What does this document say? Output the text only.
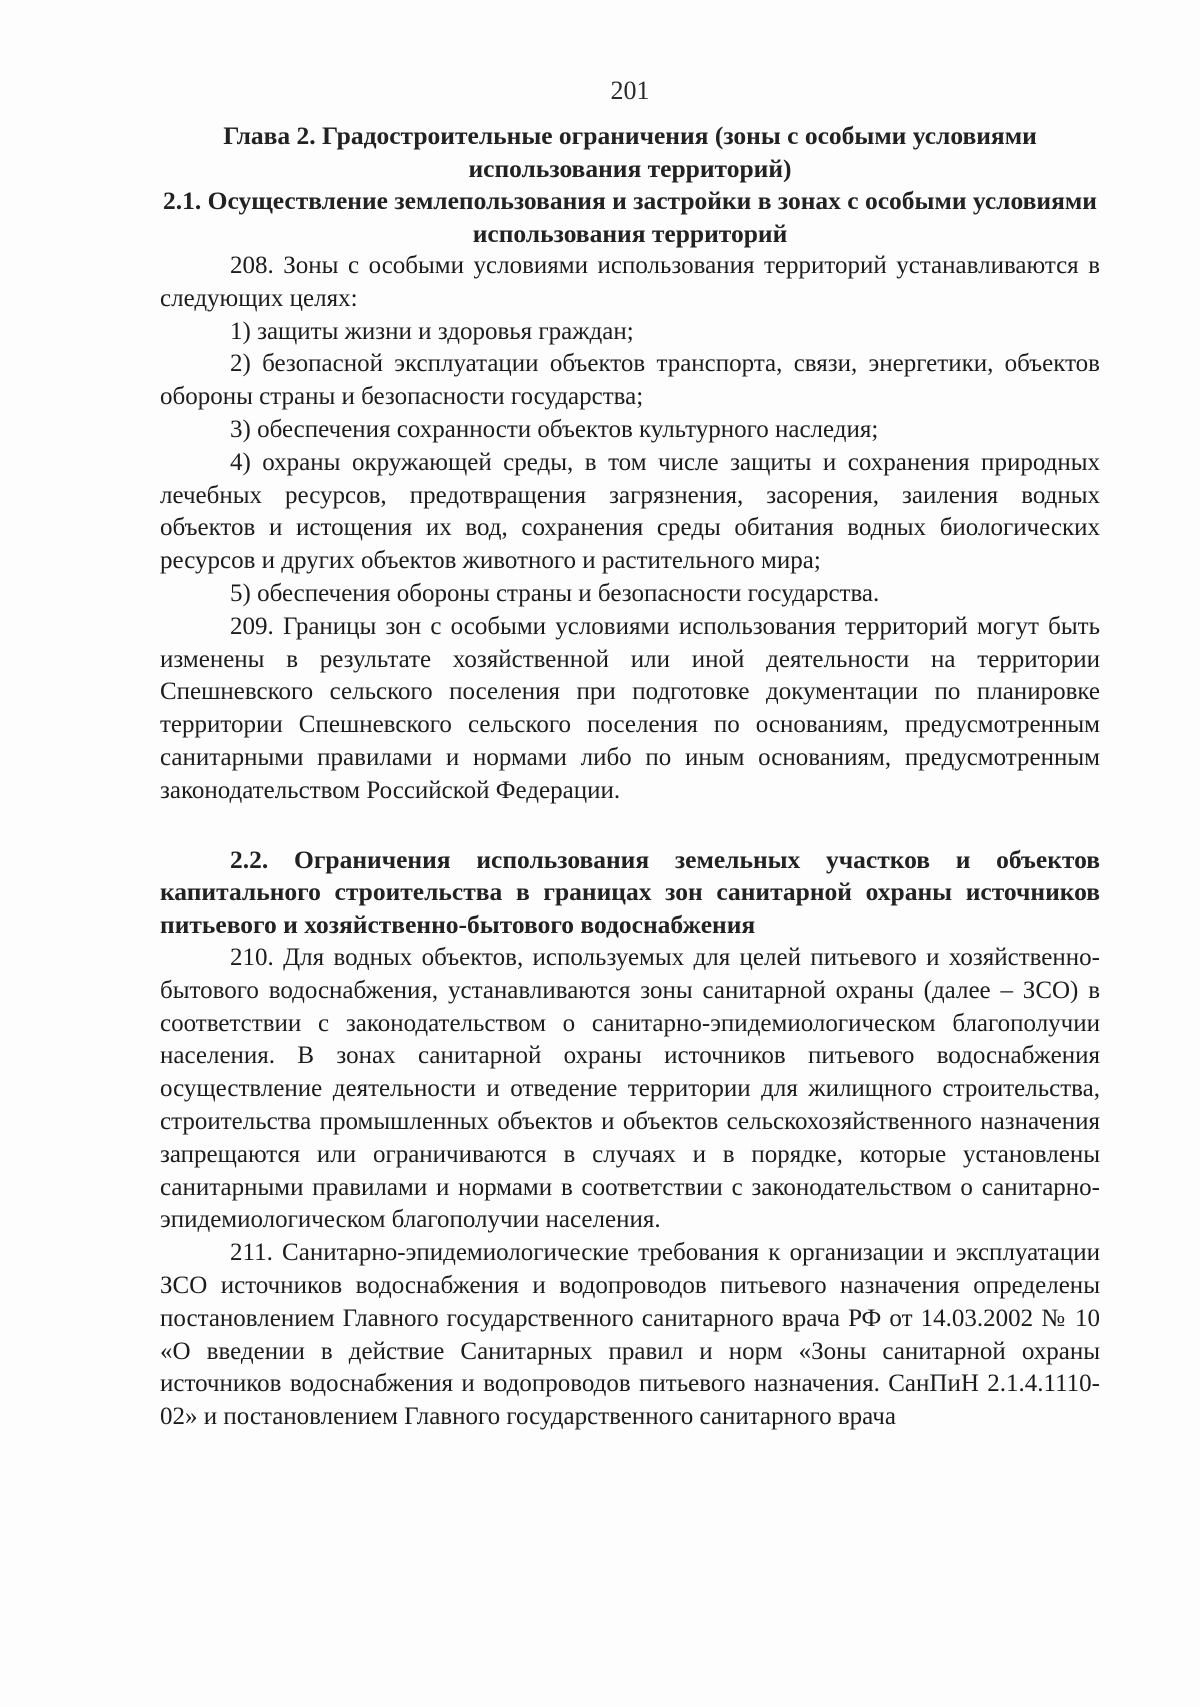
201
Глава 2. Градостроительные ограничения (зоны с особыми условиями использования территорий)
2.1. Осуществление землепользования и застройки в зонах с особыми условиями использования территорий

208. Зоны с особыми условиями использования территорий устанавливаются в следующих целях:

1) защиты жизни и здоровья граждан;

2) безопасной эксплуатации объектов транспорта, связи, энергетики, объектов обороны страны и безопасности государства;

3) обеспечения сохранности объектов культурного наследия;

4) охраны окружающей среды, в том числе защиты и сохранения природных лечебных ресурсов, предотвращения загрязнения, засорения, заиления водных объектов и истощения их вод, сохранения среды обитания водных биологических ресурсов и других объектов животного и растительного мира;

5) обеспечения обороны страны и безопасности государства.

209. Границы зон с особыми условиями использования территорий могут быть изменены в результате хозяйственной или иной деятельности на территории Спешневского сельского поселения при подготовке документации по планировке территории Спешневского сельского поселения по основаниям, предусмотренным санитарными правилами и нормами либо по иным основаниям, предусмотренным законодательством Российской Федерации.

2.2. Ограничения использования земельных участков и объектов капитального строительства в границах зон санитарной охраны источников питьевого и хозяйственно-бытового водоснабжения

210. Для водных объектов, используемых для целей питьевого и хозяйственно-бытового водоснабжения, устанавливаются зоны санитарной охраны (далее – ЗСО) в соответствии с законодательством о санитарно-эпидемиологическом благополучии населения. В зонах санитарной охраны источников питьевого водоснабжения осуществление деятельности и отведение территории для жилищного строительства, строительства промышленных объектов и объектов сельскохозяйственного назначения запрещаются или ограничиваются в случаях и в порядке, которые установлены санитарными правилами и нормами в соответствии с законодательством о санитарно-эпидемиологическом благополучии населения.

211. Санитарно-эпидемиологические требования к организации и эксплуатации ЗСО источников водоснабжения и водопроводов питьевого назначения определены постановлением Главного государственного санитарного врача РФ от 14.03.2002 № 10 «О введении в действие Санитарных правил и норм «Зоны санитарной охраны источников водоснабжения и водопроводов питьевого назначения. СанПиН 2.1.4.1110-02» и постановлением Главного государственного санитарного врача
